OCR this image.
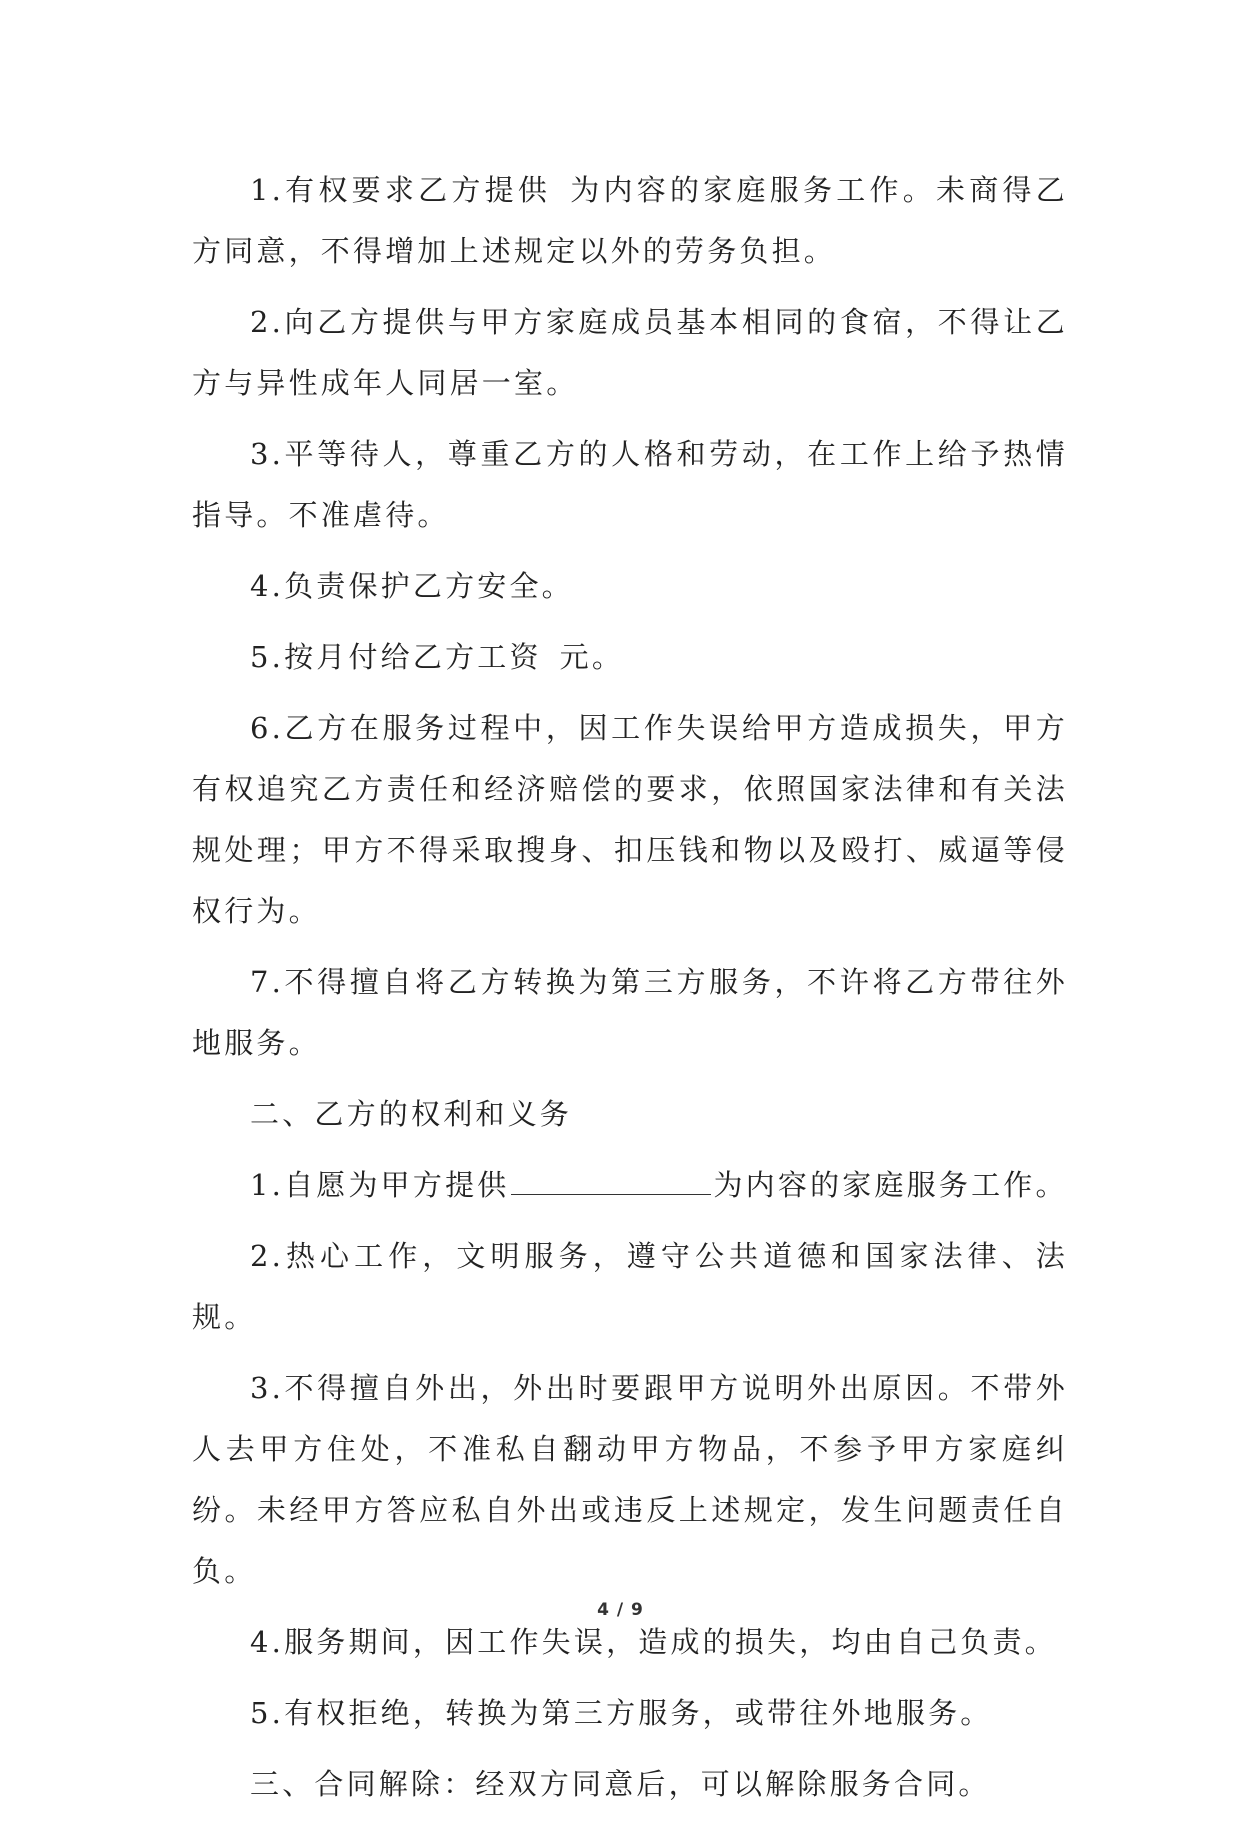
1.有权要求乙方提供 为内容的家庭服务工作。未商得乙方同意，不得增加上述规定以外的劳务负担。

2.向乙方提供与甲方家庭成员基本相同的食宿，不得让乙方与异性成年人同居一室。

3.平等待人，尊重乙方的人格和劳动，在工作上给予热情指导。不准虐待。

4.负责保护乙方安全。

5.按月付给乙方工资 元。

6.乙方在服务过程中，因工作失误给甲方造成损失，甲方有权追究乙方责任和经济赔偿的要求，依照国家法律和有关法规处理；甲方不得采取搜身、扣压钱和物以及殴打、威逼等侵权行为。

7.不得擅自将乙方转换为第三方服务，不许将乙方带往外地服务。

二、乙方的权利和义务

1.自愿为甲方提供	为内容的家庭服务工作。

2.热心工作，文明服务，遵守公共道德和国家法律、法规。

3.不得擅自外出，外出时要跟甲方说明外出原因。不带外人去甲方住处，不准私自翻动甲方物品，不参予甲方家庭纠纷。未经甲方答应私自外出或违反上述规定，发生问题责任自负。

4.服务期间，因工作失误，造成的损失，均由自己负责。

5.有权拒绝，转换为第三方服务，或带往外地服务。

三、合同解除：经双方同意后，可以解除服务合同。

4 / 9
